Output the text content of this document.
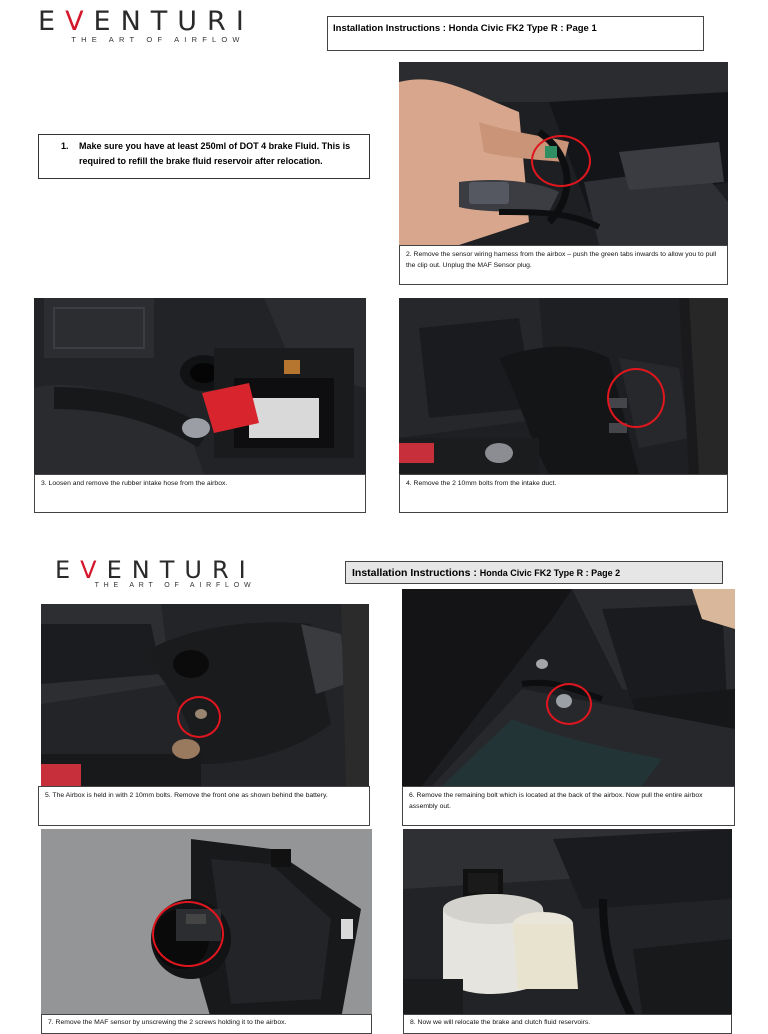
EVENTURI
THE ART OF AIRFLOW
Installation Instructions : Honda Civic FK2 Type R : Page 1
1.	Make sure you have at least 250ml of DOT 4 brake Fluid. This is required to refill the brake fluid reservoir after relocation.
2. Remove the sensor wiring harness from the airbox – push the green tabs inwards to allow you to pull the clip out. Unplug the MAF Sensor plug.
3. Loosen and remove the rubber intake hose from the airbox.	4. Remove the 2 10mm bolts from the intake duct.
EVENTURI
THE ART OF AIRFLOW
Installation Instructions : Honda Civic FK2 Type R : Page 2
5. The Airbox is held in with 2 10mm bolts. Remove the front one as shown behind the battery.	6. Remove the remaining bolt which is located at the back of the airbox. Now pull the entire airbox assembly out.
7. Remove the MAF sensor by unscrewing the 2 screws holding it to the airbox.	8. Now we will relocate the brake and clutch fluid reservoirs.
